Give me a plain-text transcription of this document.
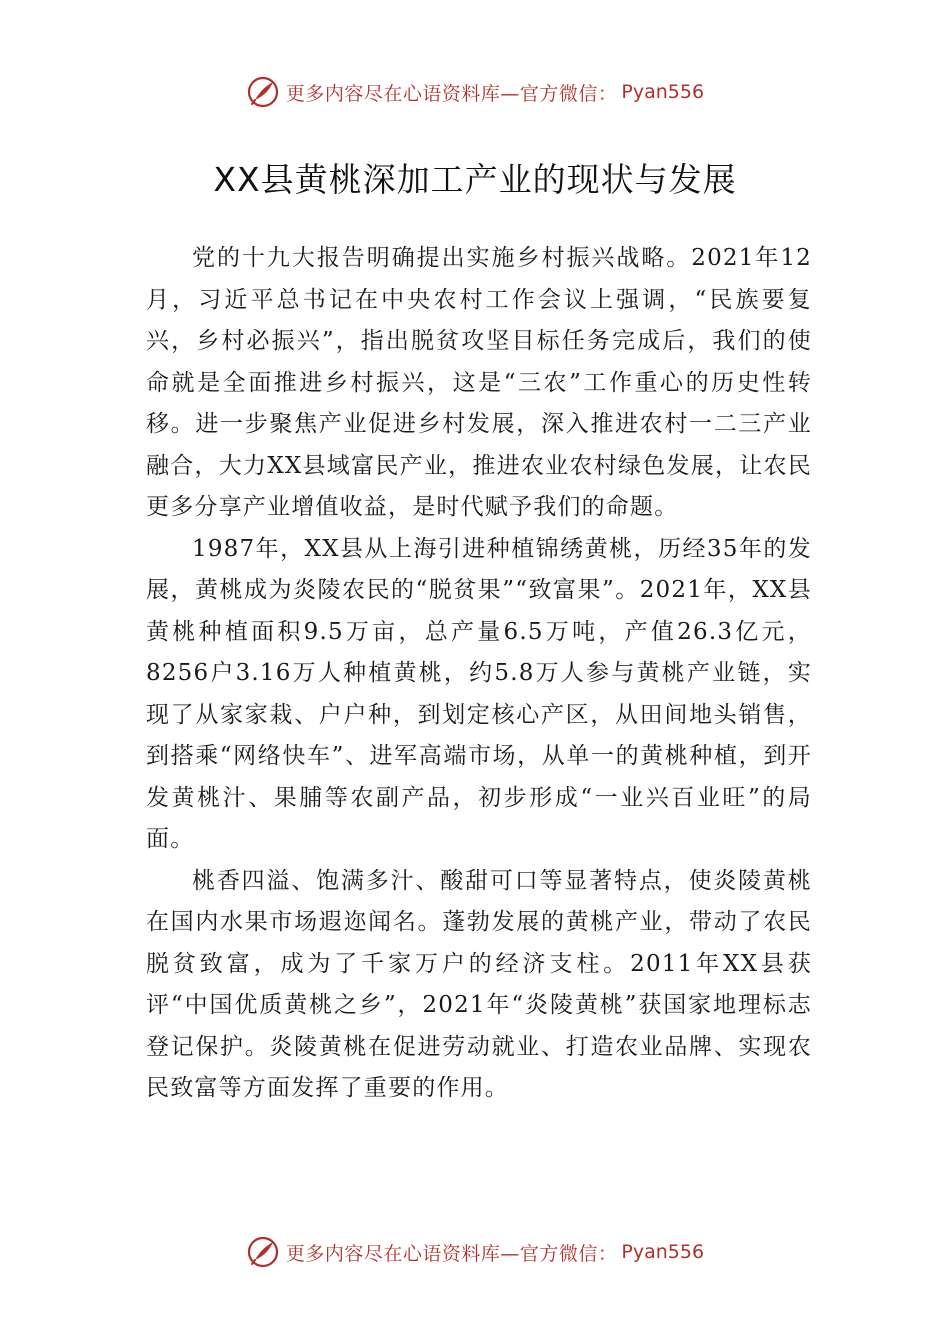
更多内容尽在心语资料库—官方微信： Pyan556
XX县黄桃深加工产业的现状与发展

党的十九大报告明确提出实施乡村振兴战略。2021年12月，习近平总书记在中央农村工作会议上强调，“民族要复兴，乡村必振兴”，指出脱贫攻坚目标任务完成后，我们的使命就是全面推进乡村振兴，这是“三农”工作重心的历史性转移。进一步聚焦产业促进乡村发展，深入推进农村一二三产业融合，大力XX县域富民产业，推进农业农村绿色发展，让农民更多分享产业增值收益，是时代赋予我们的命题。

1987年，XX县从上海引进种植锦绣黄桃，历经35年的发展，黄桃成为炎陵农民的“脱贫果”“致富果”。2021年，XX县黄桃种植面积9.5万亩，总产量6.5万吨，产值26.3亿元，8256户3.16万人种植黄桃，约5.8万人参与黄桃产业链，实现了从家家栽、户户种，到划定核心产区，从田间地头销售，到搭乘“网络快车”、进军高端市场，从单一的黄桃种植，到开发黄桃汁、果脯等农副产品，初步形成“一业兴百业旺”的局面。

桃香四溢、饱满多汁、酸甜可口等显著特点，使炎陵黄桃在国内水果市场遐迩闻名。蓬勃发展的黄桃产业，带动了农民脱贫致富，成为了千家万户的经济支柱。2011年XX县获评“中国优质黄桃之乡”，2021年“炎陵黄桃”获国家地理标志登记保护。炎陵黄桃在促进劳动就业、打造农业品牌、实现农民致富等方面发挥了重要的作用。

更多内容尽在心语资料库—官方微信： Pyan556
